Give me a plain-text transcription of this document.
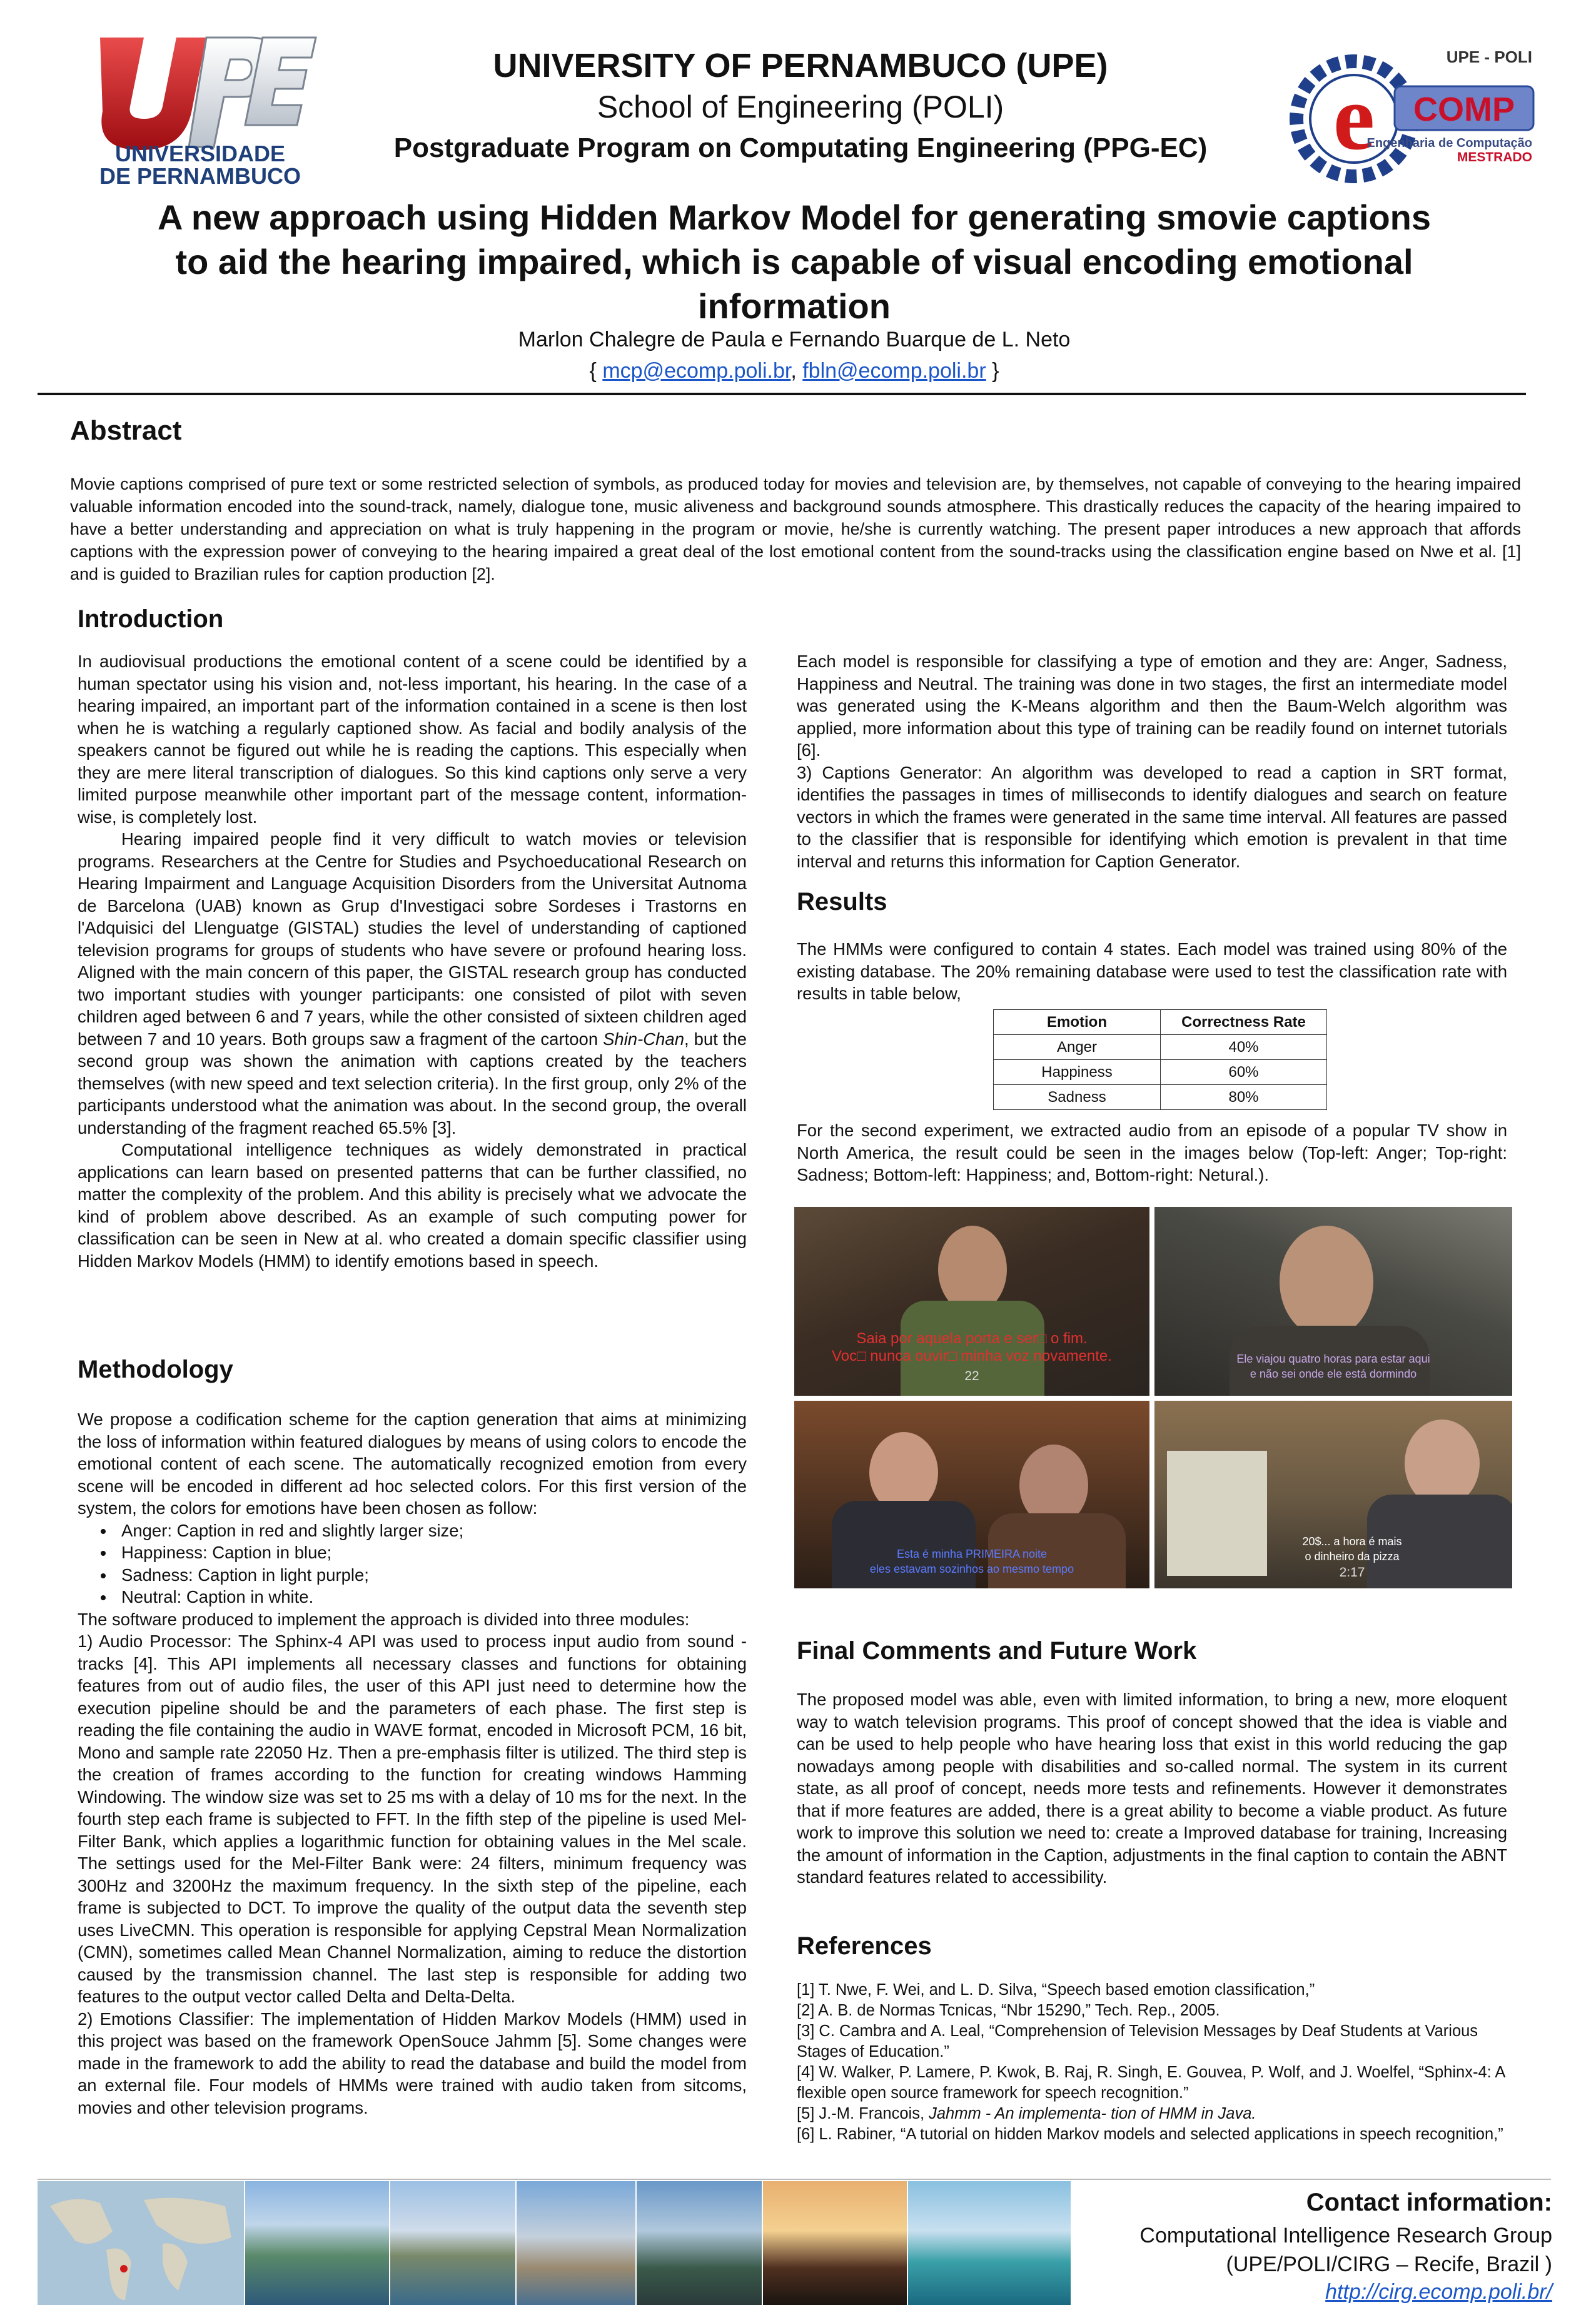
UNIVERSIDADE
DE PERNAMBUCO
UNIVERSITY OF PERNAMBUCO (UPE)
School of Engineering (POLI)
Postgraduate Program on Computating Engineering (PPG-EC)
UPE - POLI
e COMP
Engenharia de Computação
MESTRADO
A new approach using Hidden Markov Model for generating smovie captions
to aid the hearing impaired, which is capable of visual encoding emotional
information
Marlon Chalegre de Paula e Fernando Buarque de L. Neto
{ mcp@ecomp.poli.br, fbln@ecomp.poli.br }
Abstract
Movie captions comprised of pure text or some restricted selection of symbols, as produced today for movies and television are, by themselves, not capable of conveying to the hearing impaired valuable information encoded into the sound-track, namely, dialogue tone, music aliveness and background sounds atmosphere. This drastically reduces the capacity of the hearing impaired to have a better understanding and appreciation on what is truly happening in the program or movie, he/she is currently watching. The present paper introduces a new approach that affords captions with the expression power of conveying to the hearing impaired a great deal of the lost emotional content from the sound-tracks using the classification engine based on Nwe et al. [1] and is guided to Brazilian rules for caption production [2].
Introduction

In audiovisual productions the emotional content of a scene could be identified by a human spectator using his vision and, not-less important, his hearing. In the case of a hearing impaired, an important part of the information contained in a scene is then lost when he is watching a regularly captioned show. As facial and bodily analysis of the speakers cannot be figured out while he is reading the captions. This especially when they are mere literal transcription of dialogues. So this kind captions only serve a very limited purpose meanwhile other important part of the message content, information-wise, is completely lost.

Hearing impaired people find it very difficult to watch movies or television programs. Researchers at the Centre for Studies and Psychoeducational Research on Hearing Impairment and Language Acquisition Disorders from the Universitat Autnoma de Barcelona (UAB) known as Grup d'Investigaci sobre Sordeses i Trastorns en l'Adquisici del Llenguatge (GISTAL) studies the level of understanding of captioned television programs for groups of students who have severe or profound hearing loss. Aligned with the main concern of this paper, the GISTAL research group has conducted two important studies with younger participants: one consisted of pilot with seven children aged between 6 and 7 years, while the other consisted of sixteen children aged between 7 and 10 years. Both groups saw a fragment of the cartoon Shin-Chan, but the second group was shown the animation with captions created by the teachers themselves (with new speed and text selection criteria). In the first group, only 2% of the participants understood what the animation was about. In the second group, the overall understanding of the fragment reached 65.5% [3].

Computational intelligence techniques as widely demonstrated in practical applications can learn based on presented patterns that can be further classified, no matter the complexity of the problem. And this ability is precisely what we advocate the kind of problem above described. As an example of such computing power for classification can be seen in New at al. who created a domain specific classifier using Hidden Markov Models (HMM) to identify emotions based in speech.

Methodology

We propose a codification scheme for the caption generation that aims at minimizing the loss of information within featured dialogues by means of using colors to encode the emotional content of each scene. The automatically recognized emotion from every scene will be encoded in different ad hoc selected colors. For this first version of the system, the colors for emotions have been chosen as follow:

• Anger: Caption in red and slightly larger size;
• Happiness: Caption in blue;
• Sadness: Caption in light purple;
• Neutral: Caption in white.

The software produced to implement the approach is divided into three modules:

1) Audio Processor: The Sphinx-4 API was used to process input audio from sound -tracks [4]. This API implements all necessary classes and functions for obtaining features from out of audio files, the user of this API just need to determine how the execution pipeline should be and the parameters of each phase. The first step is reading the file containing the audio in WAVE format, encoded in Microsoft PCM, 16 bit, Mono and sample rate 22050 Hz. Then a pre-emphasis filter is utilized. The third step is the creation of frames according to the function for creating windows Hamming Windowing. The window size was set to 25 ms with a delay of 10 ms for the next. In the fourth step each frame is subjected to FFT. In the fifth step of the pipeline is used Mel-Filter Bank, which applies a logarithmic function for obtaining values in the Mel scale. The settings used for the Mel-Filter Bank were: 24 filters, minimum frequency was 300Hz and 3200Hz the maximum frequency. In the sixth step of the pipeline, each frame is subjected to DCT. To improve the quality of the output data the seventh step uses LiveCMN. This operation is responsible for applying Cepstral Mean Normalization (CMN), sometimes called Mean Channel Normalization, aiming to reduce the distortion caused by the transmission channel. The last step is responsible for adding two features to the output vector called Delta and Delta-Delta.

2) Emotions Classifier: The implementation of Hidden Markov Models (HMM) used in this project was based on the framework OpenSouce Jahmm [5]. Some changes were made in the framework to add the ability to read the database and build the model from an external file. Four models of HMMs were trained with audio taken from sitcoms, movies and other television programs.

Each model is responsible for classifying a type of emotion and they are: Anger, Sadness, Happiness and Neutral. The training was done in two stages, the first an intermediate model was generated using the K-Means algorithm and then the Baum-Welch algorithm was applied, more information about this type of training can be readily found on internet tutorials [6].

3) Captions Generator: An algorithm was developed to read a caption in SRT format, identifies the passages in times of milliseconds to identify dialogues and search on feature vectors in which the frames were generated in the same time interval. All features are passed to the classifier that is responsible for identifying which emotion is prevalent in that time interval and returns this information for Caption Generator.

Results
The HMMs were configured to contain 4 states. Each model was trained using 80% of the existing database. The 20% remaining database were used to test the classification rate with results in table below,
Emotion	Correctness Rate
Anger	40%
Happiness	60%
Sadness	80%
For the second experiment, we extracted audio from an episode of a popular TV show in North America, the result could be seen in the images below (Top-left: Anger; Top-right: Sadness; Bottom-left: Happiness; and, Bottom-right: Netural.).
Saia por aquela porta e ser□ o fim.
Voc□ nunca ouvir□ minha voz novamente.
22
Ele viajou quatro horas para estar aqui
e não sei onde ele está dormindo
Esta é minha PRIMEIRA noite
eles estavam sozinhos ao mesmo tempo
20$... a hora é mais
o dinheiro da pizza
2:17
Final Comments and Future Work
The proposed model was able, even with limited information, to bring a new, more eloquent way to watch television programs. This proof of concept showed that the idea is viable and can be used to help people who have hearing loss that exist in this world reducing the gap nowadays among people with disabilities and so-called normal. The system in its current state, as all proof of concept, needs more tests and refinements. However it demonstrates that if more features are added, there is a great ability to become a viable product. As future work to improve this solution we need to: create a Improved database for training, Increasing the amount of information in the Caption, adjustments in the final caption to contain the ABNT standard features related to accessibility.
References

[1] T. Nwe, F. Wei, and L. D. Silva, “Speech based emotion classification,”

[2] A. B. de Normas Tcnicas, “Nbr 15290,” Tech. Rep., 2005.

[3] C. Cambra and A. Leal, “Comprehension of Television Messages by Deaf Students at Various Stages of Education.”

[4] W. Walker, P. Lamere, P. Kwok, B. Raj, R. Singh, E. Gouvea, P. Wolf, and J. Woelfel, “Sphinx-4: A flexible open source framework for speech recognition.”

[5] J.-M. Francois, Jahmm - An implementa- tion of HMM in Java.

[6] L. Rabiner, “A tutorial on hidden Markov models and selected applications in speech recognition,”

Contact information:
Computational Intelligence Research Group
(UPE/POLI/CIRG – Recife, Brazil )
http://cirg.ecomp.poli.br/
